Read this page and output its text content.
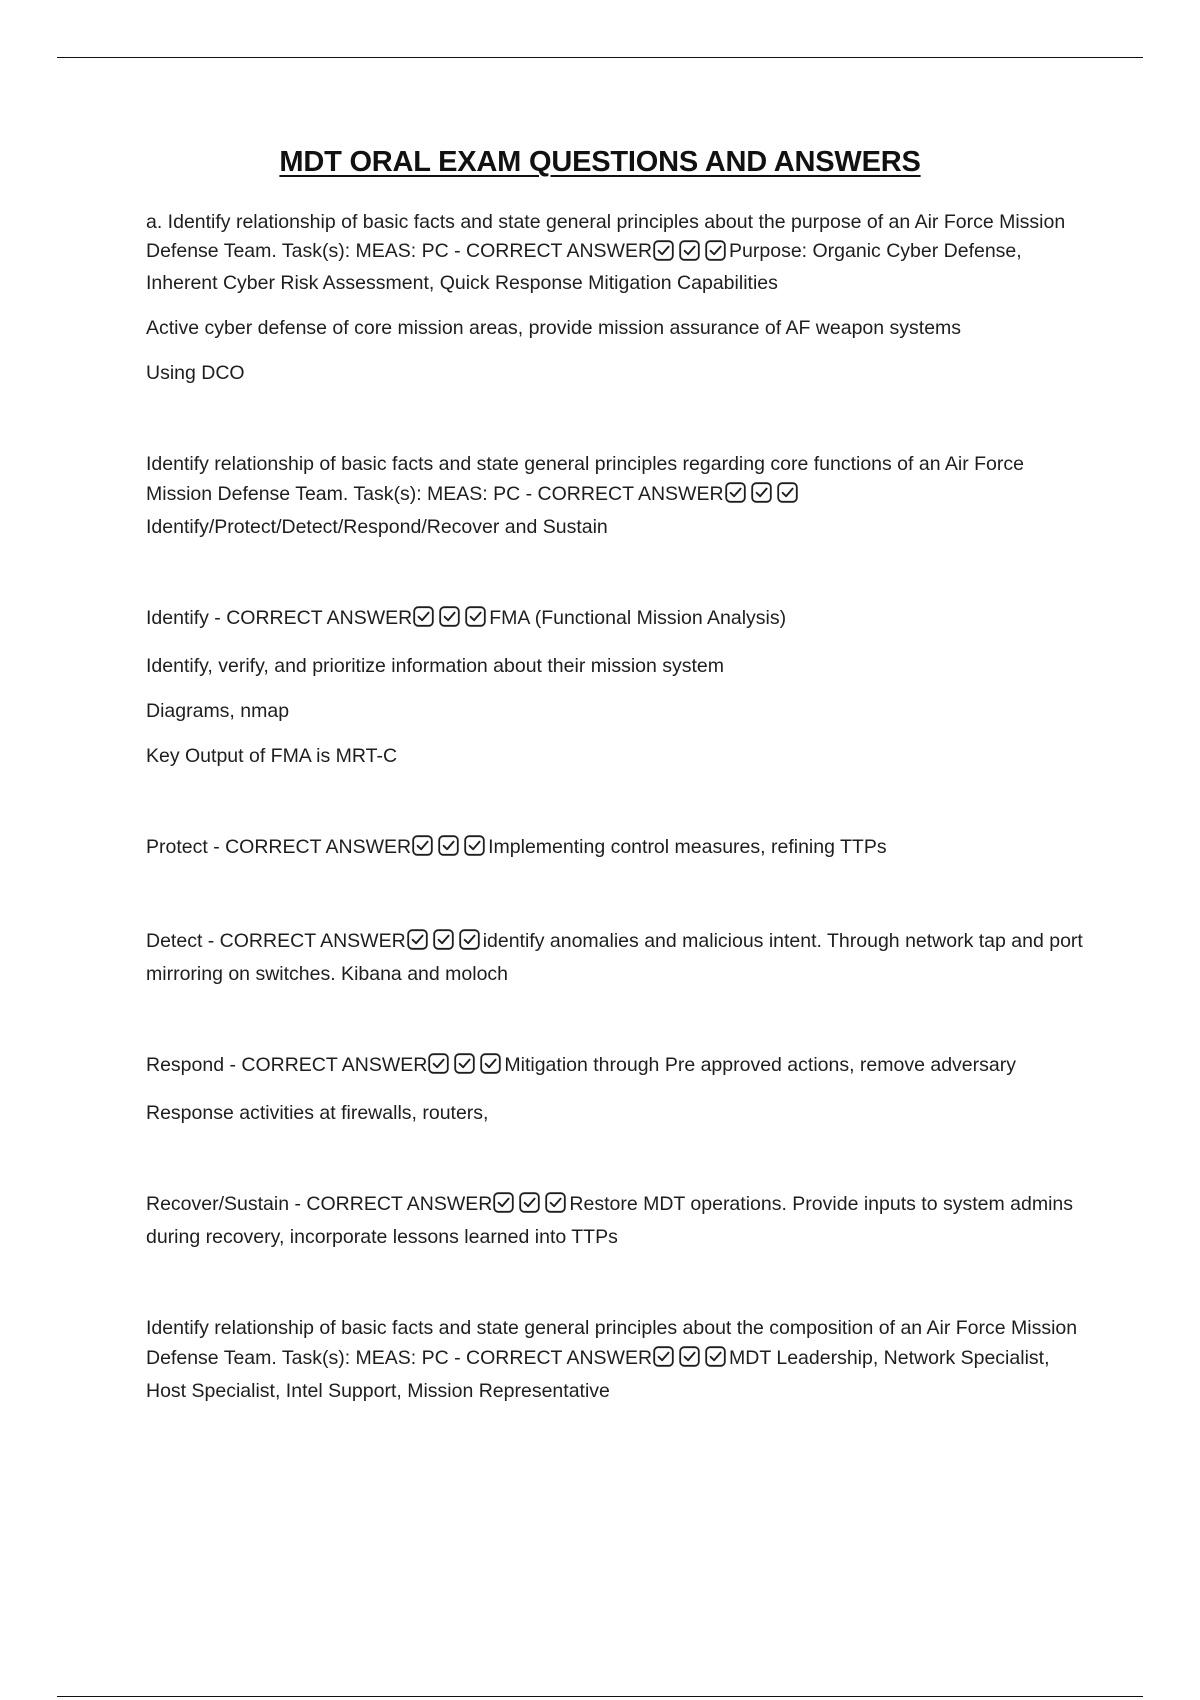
MDT ORAL EXAM QUESTIONS AND ANSWERS

a. Identify relationship of basic facts and state general principles about the purpose of an Air Force Mission Defense Team. Task(s): MEAS: PC - CORRECT ANSWER	Purpose: Organic Cyber Defense, Inherent Cyber Risk Assessment, Quick Response Mitigation Capabilities

Active cyber defense of core mission areas, provide mission assurance of AF weapon systems

Using DCO

Identify relationship of basic facts and state general principles regarding core functions of an Air Force Mission Defense Team. Task(s): MEAS: PC - CORRECT ANSWER
Identify/Protect/Detect/Respond/Recover and Sustain

Identify - CORRECT ANSWER	FMA (Functional Mission Analysis)

Identify, verify, and prioritize information about their mission system

Diagrams, nmap

Key Output of FMA is MRT-C

Protect - CORRECT ANSWER	Implementing control measures, refining TTPs

Detect - CORRECT ANSWER	identify anomalies and malicious intent. Through network tap and port mirroring on switches. Kibana and moloch

Respond - CORRECT ANSWER	Mitigation through Pre approved actions, remove adversary

Response activities at firewalls, routers,

Recover/Sustain - CORRECT ANSWER	Restore MDT operations. Provide inputs to system admins during recovery, incorporate lessons learned into TTPs

Identify relationship of basic facts and state general principles about the composition of an Air Force Mission Defense Team. Task(s): MEAS: PC - CORRECT ANSWER	MDT Leadership, Network Specialist, Host Specialist, Intel Support, Mission Representative
